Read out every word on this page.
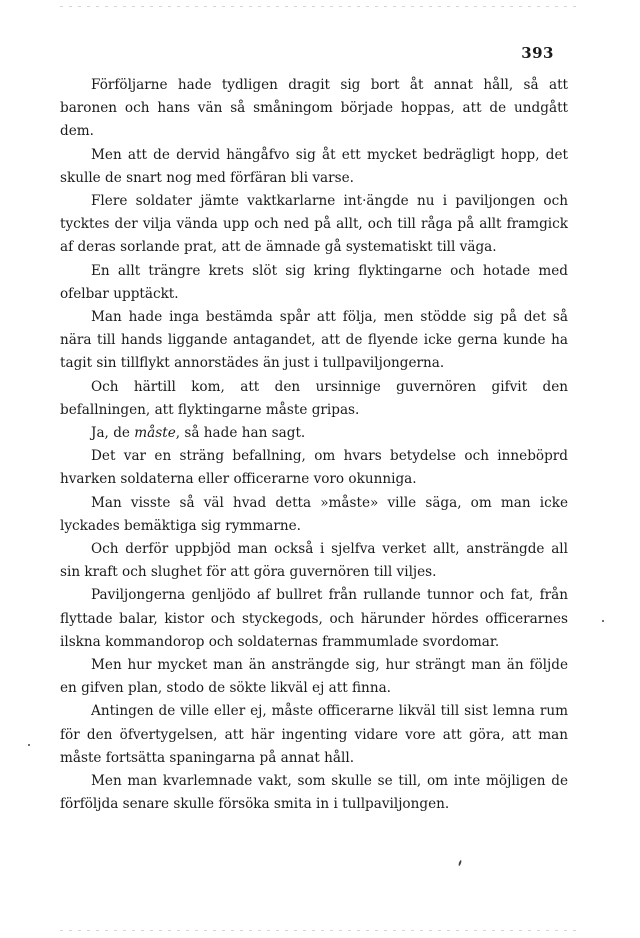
393

Förföljarne hade tydligen dragit sig bort åt annat håll, så att baronen och hans vän så småningom började hoppas, att de undgått dem.

Men att de dervid hängåfvo sig åt ett mycket bedrägligt hopp, det skulle de snart nog med förfäran bli varse.

Flere soldater jämte vaktkarlarne int·ängde nu i paviljongen och tycktes der vilja vända upp och ned på allt, och till råga på allt framgick af deras sorlande prat, att de ämnade gå systematiskt till väga.

En allt trängre krets slöt sig kring flyktingarne och hotade med ofelbar upptäckt.

Man hade inga bestämda spår att följa, men stödde sig på det så nära till hands liggande antagandet, att de flyende icke gerna kunde ha tagit sin tillflykt annorstädes än just i tullpaviljongerna.

Och härtill kom, att den ursinnige guvernören gifvit den befallningen, att flyktingarne måste gripas.

Ja, de måste, så hade han sagt.

Det var en sträng befallning, om hvars betydelse och inneböprd hvarken soldaterna eller officerarne voro okunniga.

Man visste så väl hvad detta »måste» ville säga, om man icke lyckades bemäktiga sig rymmarne.

Och derför uppbjöd man också i sjelfva verket allt, ansträngde all sin kraft och slughet för att göra guvernören till viljes.

Paviljongerna genljödo af bullret från rullande tunnor och fat, från flyttade balar, kistor och styckegods, och härunder hördes officerarnes ilskna kommandorop och soldaternas frammumlade svordomar.

Men hur mycket man än ansträngde sig, hur strängt man än följde en gifven plan, stodo de sökte likväl ej att finna.

Antingen de ville eller ej, måste officerarne likväl till sist lemna rum för den öfvertygelsen, att här ingenting vidare vore att göra, att man måste fortsätta spaningarna på annat håll.

Men man kvarlemnade vakt, som skulle se till, om inte möjligen de förföljda senare skulle försöka smita in i tullpaviljongen.
